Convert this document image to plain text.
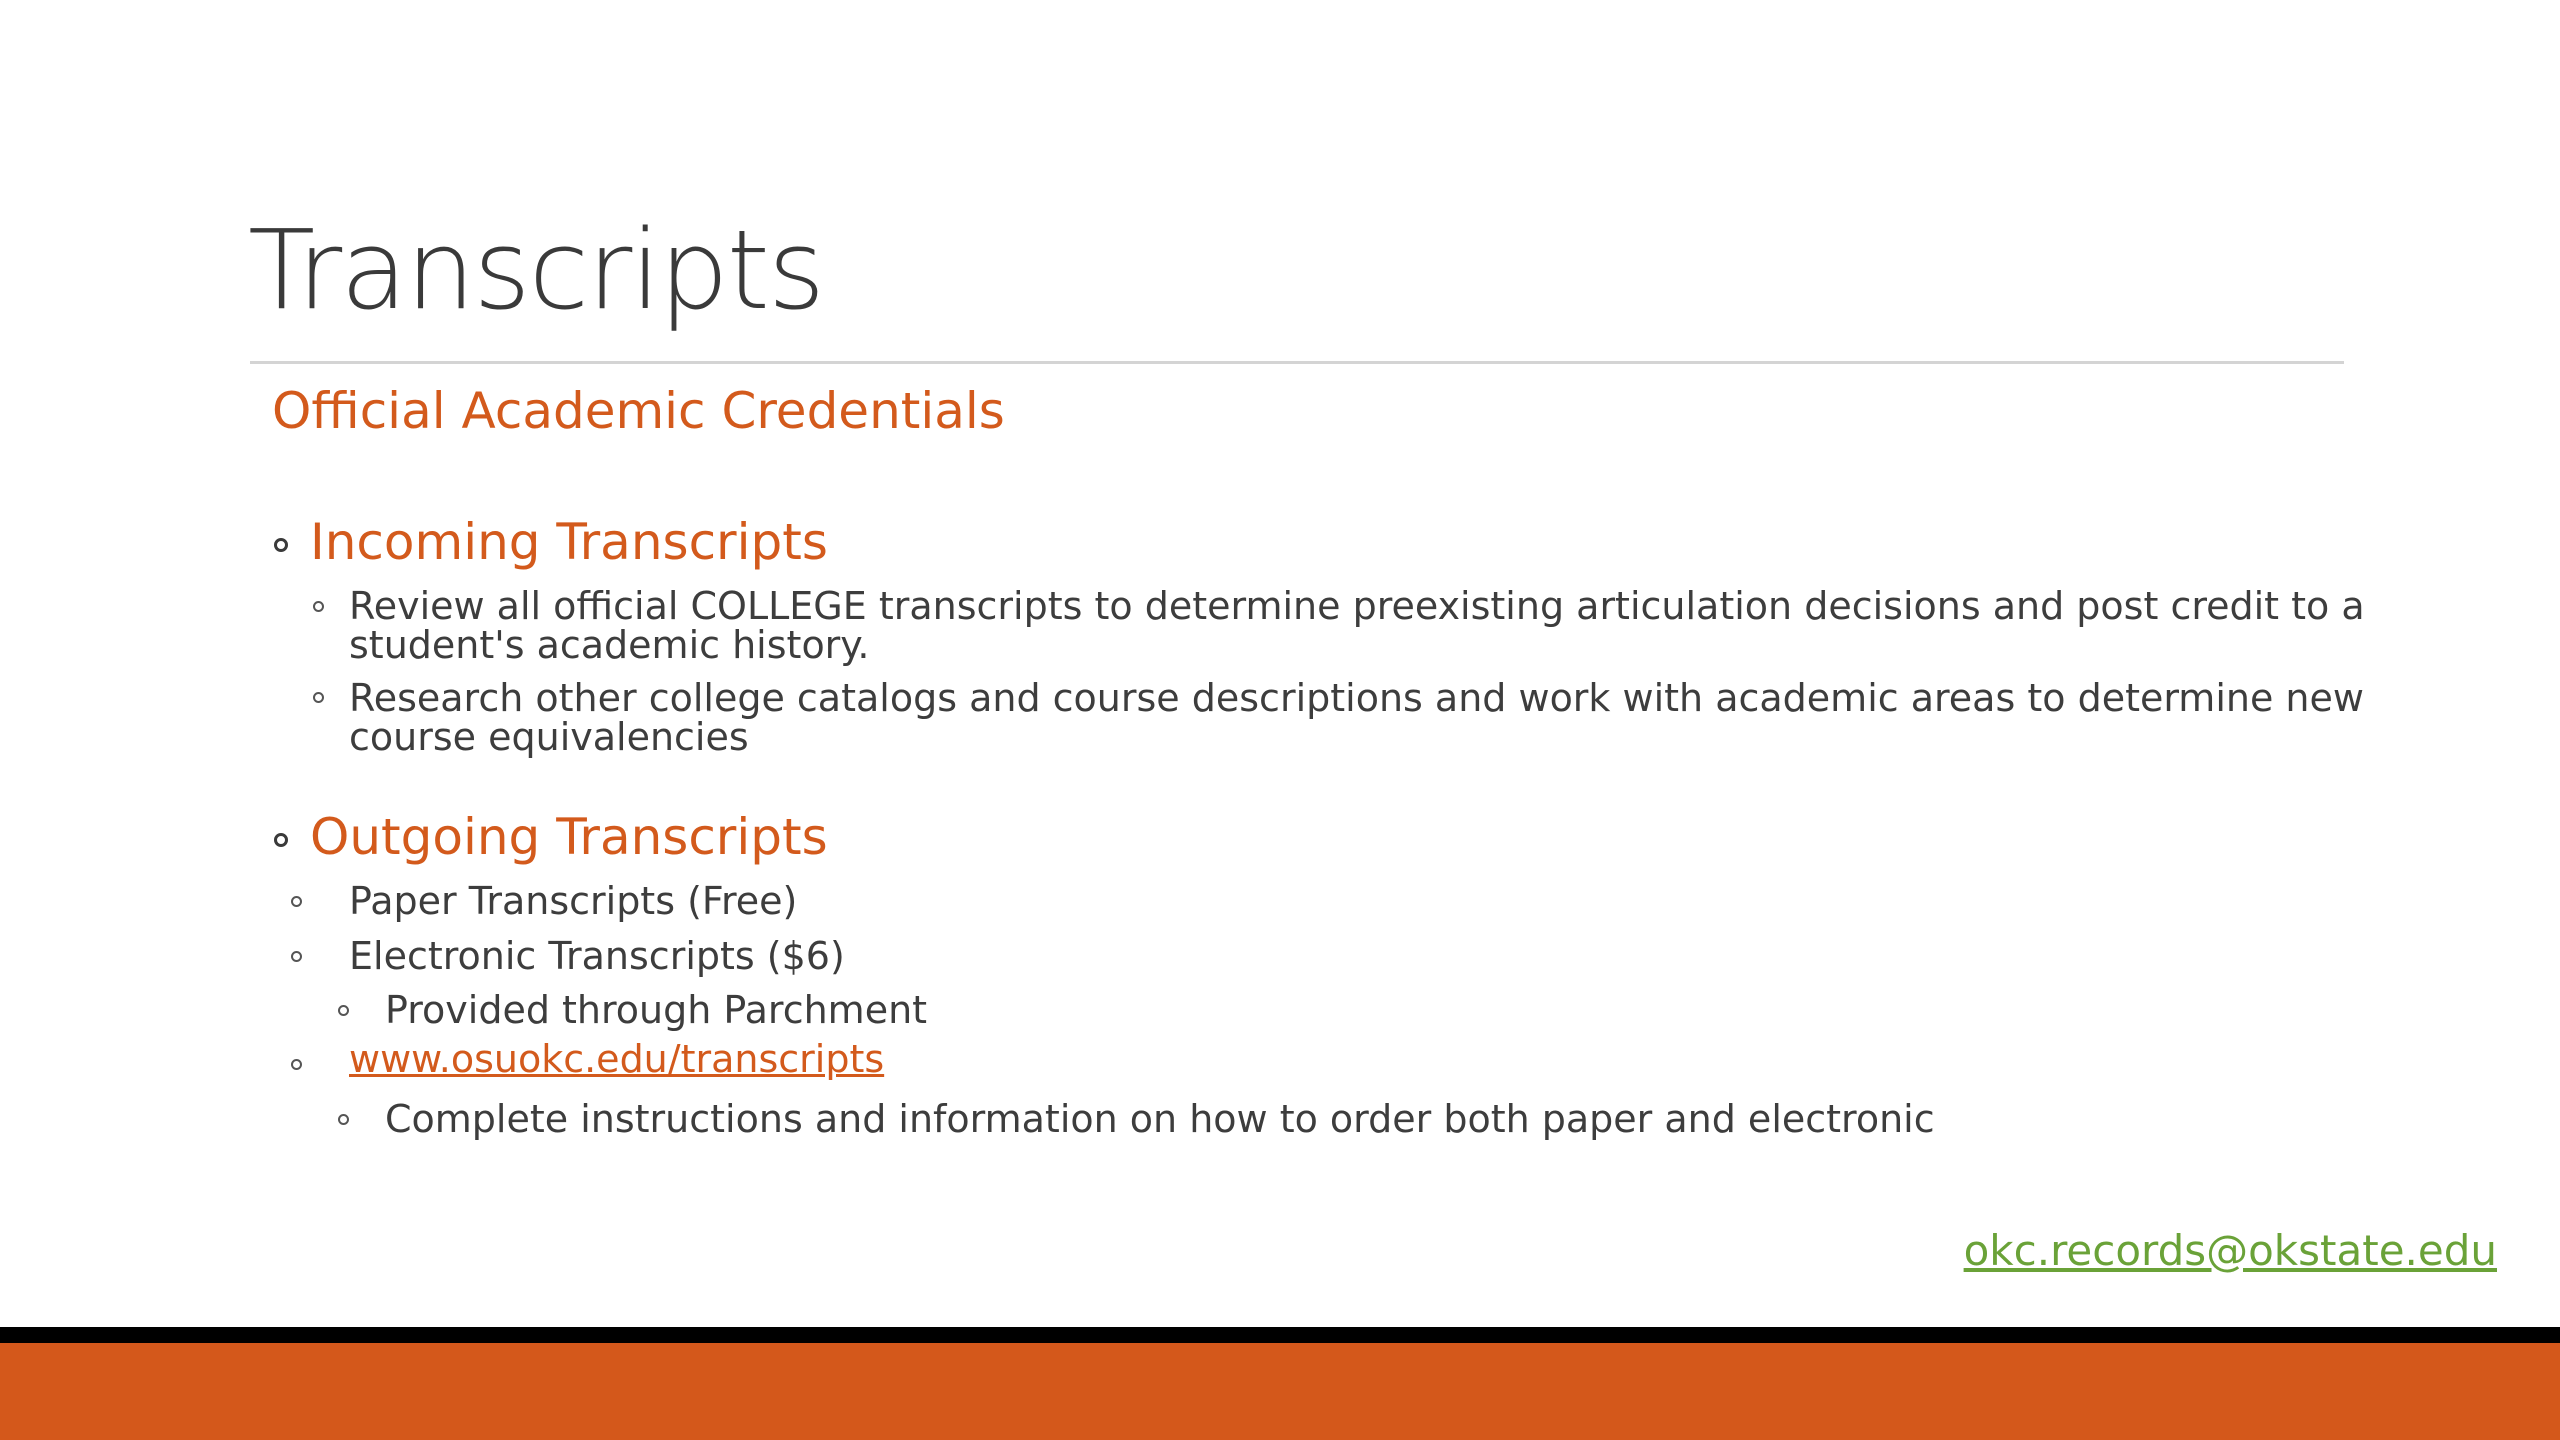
Transcripts
Official Academic Credentials
Incoming Transcripts
Review all official COLLEGE transcripts to determine preexisting articulation decisions and post credit to a
student's academic history.
Research other college catalogs and course descriptions and work with academic areas to determine new
course equivalencies
Outgoing Transcripts
Paper Transcripts (Free)
Electronic Transcripts ($6)
Provided through Parchment
www.osuokc.edu/transcripts
Complete instructions and information on how to order both paper and electronic
okc.records@okstate.edu
